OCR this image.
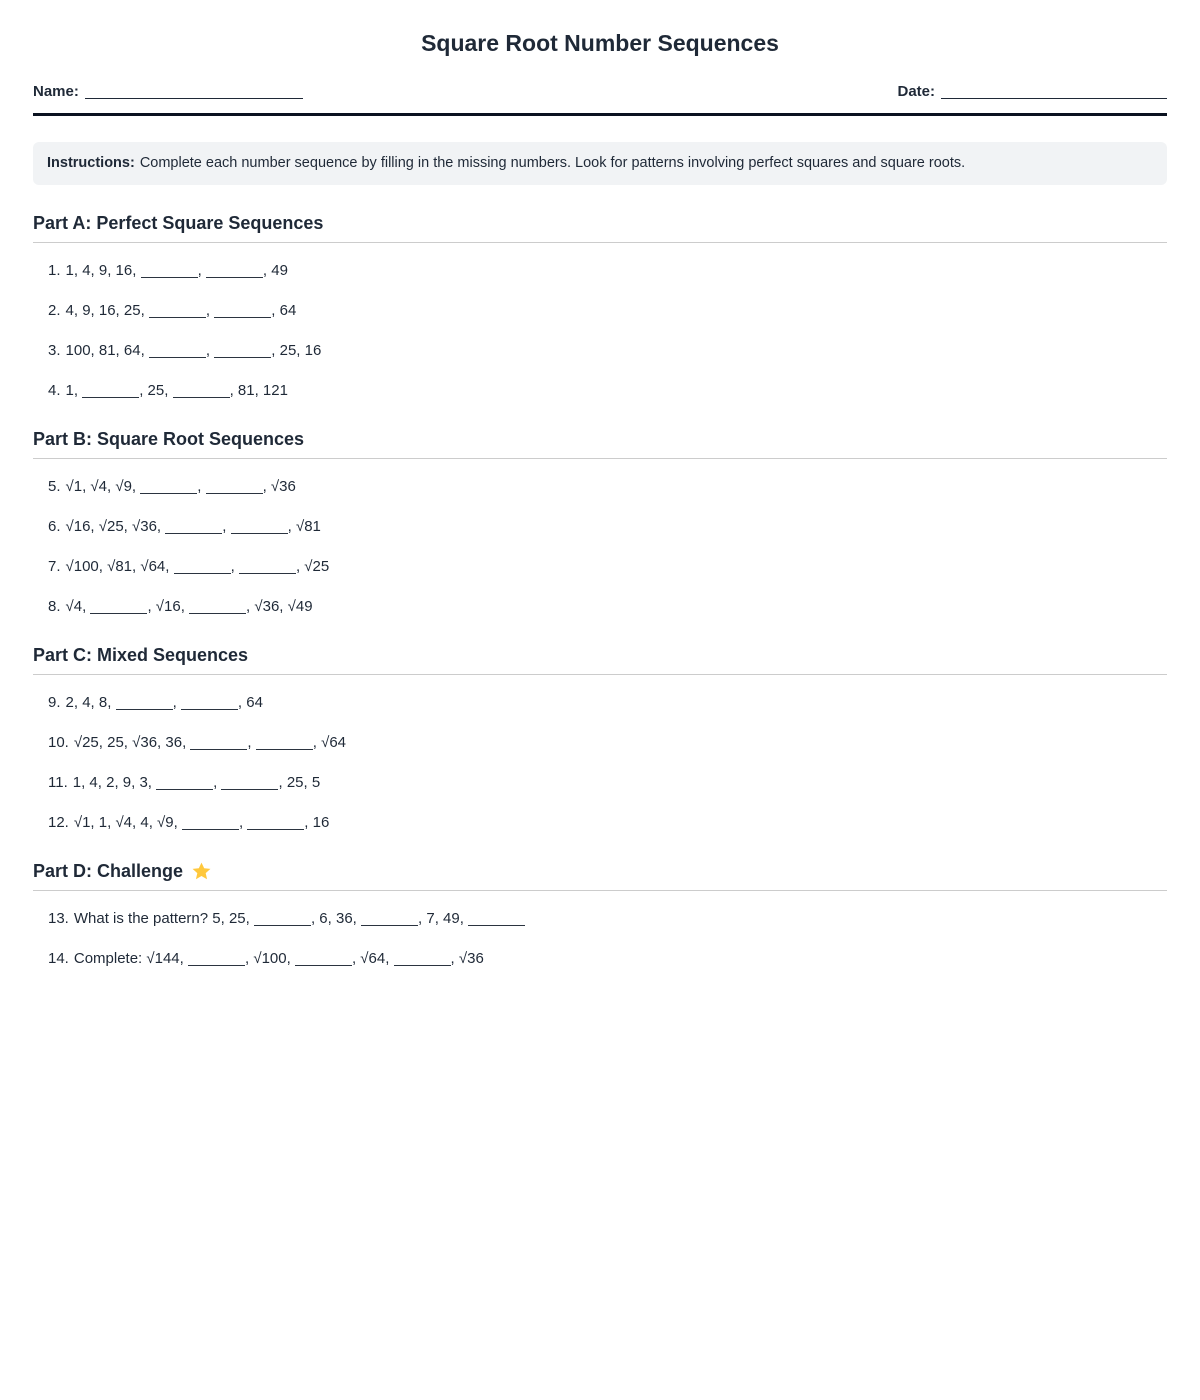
Square Root Number Sequences
Name:	Date:
Instructions: Complete each number sequence by filling in the missing numbers. Look for patterns involving perfect squares and square roots.
Part A: Perfect Square Sequences
1. 1, 4, 9, 16,	,	, 49
2. 4, 9, 16, 25,	,	, 64
3. 100, 81, 64,	,	, 25, 16
4. 1,	, 25,	, 81, 121
Part B: Square Root Sequences
5. √1, √4, √9,	,	, √36
6. √16, √25, √36,	,	, √81
7. √100, √81, √64,	,	, √25
8. √4,	, √16,	, √36, √49
Part C: Mixed Sequences
9. 2, 4, 8,	,	, 64
10. √25, 25, √36, 36,	,	, √64
11. 1, 4, 2, 9, 3,	,	, 25, 5
12. √1, 1, √4, 4, √9,	,	, 16
Part D: Challenge
13. What is the pattern? 5, 25,	, 6, 36,	, 7, 49,
14. Complete: √144,	, √100,	, √64,	, √36
